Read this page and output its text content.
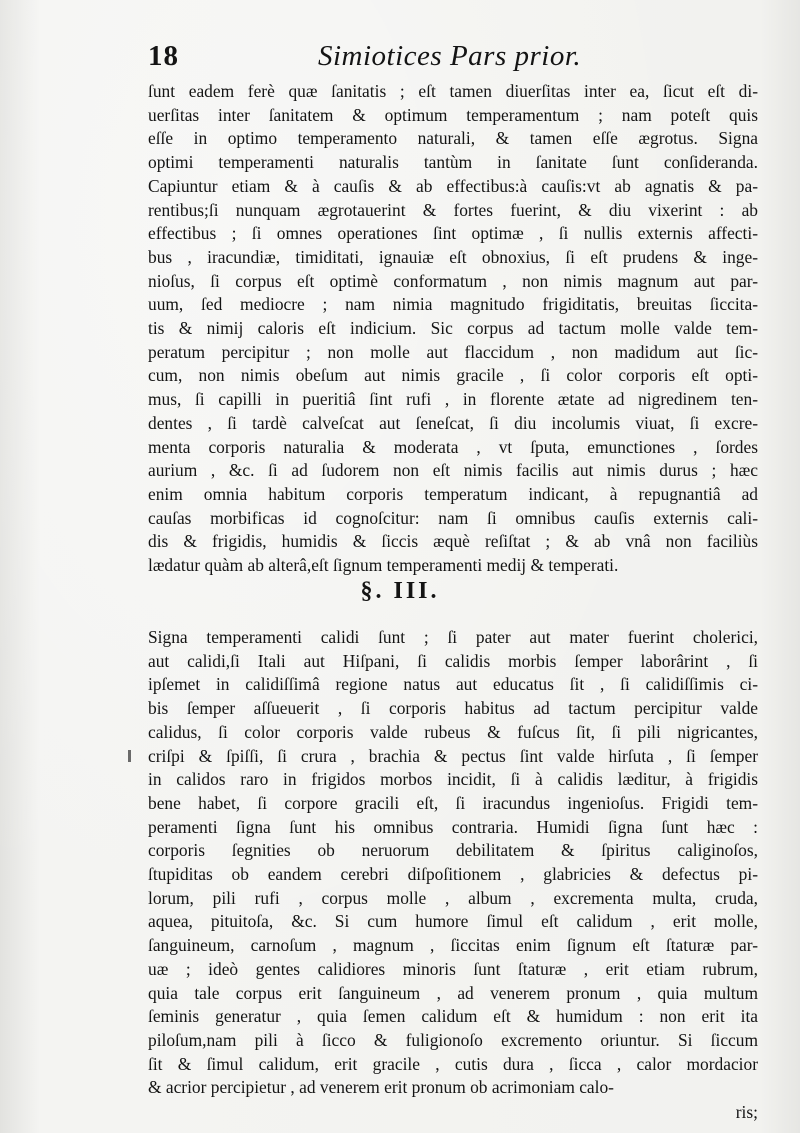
18	Simiotices Pars prior.
ſunt eadem ferè quæ ſanitatis ; eſt tamen diuerſitas inter ea, ſicut eſt di-
uerſitas inter ſanitatem & optimum temperamentum ; nam poteſt quis
eſſe in optimo temperamento naturali, & tamen eſſe ægrotus. Signa
optimi temperamenti naturalis tantùm in ſanitate ſunt conſideranda.
Capiuntur etiam & à cauſis & ab effectibus:à cauſis:vt ab agnatis & pa-
rentibus;ſi nunquam ægrotauerint & fortes fuerint, & diu vixerint : ab
effectibus ; ſi omnes operationes ſint optimæ , ſi nullis externis affecti-
bus , iracundiæ, timiditati, ignauiæ eſt obnoxius, ſi eſt prudens & inge-
nioſus, ſi corpus eſt optimè conformatum , non nimis magnum aut par-
uum, ſed mediocre ; nam nimia magnitudo frigiditatis, breuitas ſiccita-
tis & nimij caloris eſt indicium. Sic corpus ad tactum molle valde tem-
peratum percipitur ; non molle aut flaccidum , non madidum aut ſic-
cum, non nimis obeſum aut nimis gracile , ſi color corporis eſt opti-
mus, ſi capilli in pueritiâ ſint rufi , in florente ætate ad nigredinem ten-
dentes , ſi tardè calveſcat aut ſeneſcat, ſi diu incolumis viuat, ſi excre-
menta corporis naturalia & moderata , vt ſputa, emunctiones , ſordes
aurium , &c. ſi ad ſudorem non eſt nimis facilis aut nimis durus ; hæc
enim omnia habitum corporis temperatum indicant, à repugnantiâ ad
cauſas morbificas id cognoſcitur: nam ſi omnibus cauſis externis cali-
dis & frigidis, humidis & ſiccis æquè reſiſtat ; & ab vnâ non faciliùs
lædatur quàm ab alterâ,eſt ſignum temperamenti medij & temperati.
§. III.
Signa temperamenti calidi ſunt ; ſi pater aut mater fuerint cholerici,
aut calidi,ſi Itali aut Hiſpani, ſi calidis morbis ſemper laborârint , ſi
ipſemet in calidiſſimâ regione natus aut educatus ſit , ſi calidiſſimis ci-
bis ſemper aſſueuerit , ſi corporis habitus ad tactum percipitur valde
calidus, ſi color corporis valde rubeus & fuſcus ſit, ſi pili nigricantes,
criſpi & ſpiſſi, ſi crura , brachia & pectus ſint valde hirſuta , ſi ſemper
in calidos raro in frigidos morbos incidit, ſi à calidis læditur, à frigidis
bene habet, ſi corpore gracili eſt, ſi iracundus ingenioſus. Frigidi tem-
peramenti ſigna ſunt his omnibus contraria. Humidi ſigna ſunt hæc :
corporis ſegnities ob neruorum debilitatem & ſpiritus caliginoſos,
ſtupiditas ob eandem cerebri diſpoſitionem , glabricies & defectus pi-
lorum, pili rufi , corpus molle , album , excrementa multa, cruda,
aquea, pituitoſa, &c. Si cum humore ſimul eſt calidum , erit molle,
ſanguineum, carnoſum , magnum , ſiccitas enim ſignum eſt ſtaturæ par-
uæ ; ideò gentes calidiores minoris ſunt ſtaturæ , erit etiam rubrum,
quia tale corpus erit ſanguineum , ad venerem pronum , quia multum
ſeminis generatur , quia ſemen calidum eſt & humidum : non erit ita
piloſum,nam pili à ſicco & fuligionoſo excremento oriuntur. Si ſiccum
ſit & ſimul calidum, erit gracile , cutis dura , ſicca , calor mordacior
& acrior percipietur , ad venerem erit pronum ob acrimoniam calo-
ris;
